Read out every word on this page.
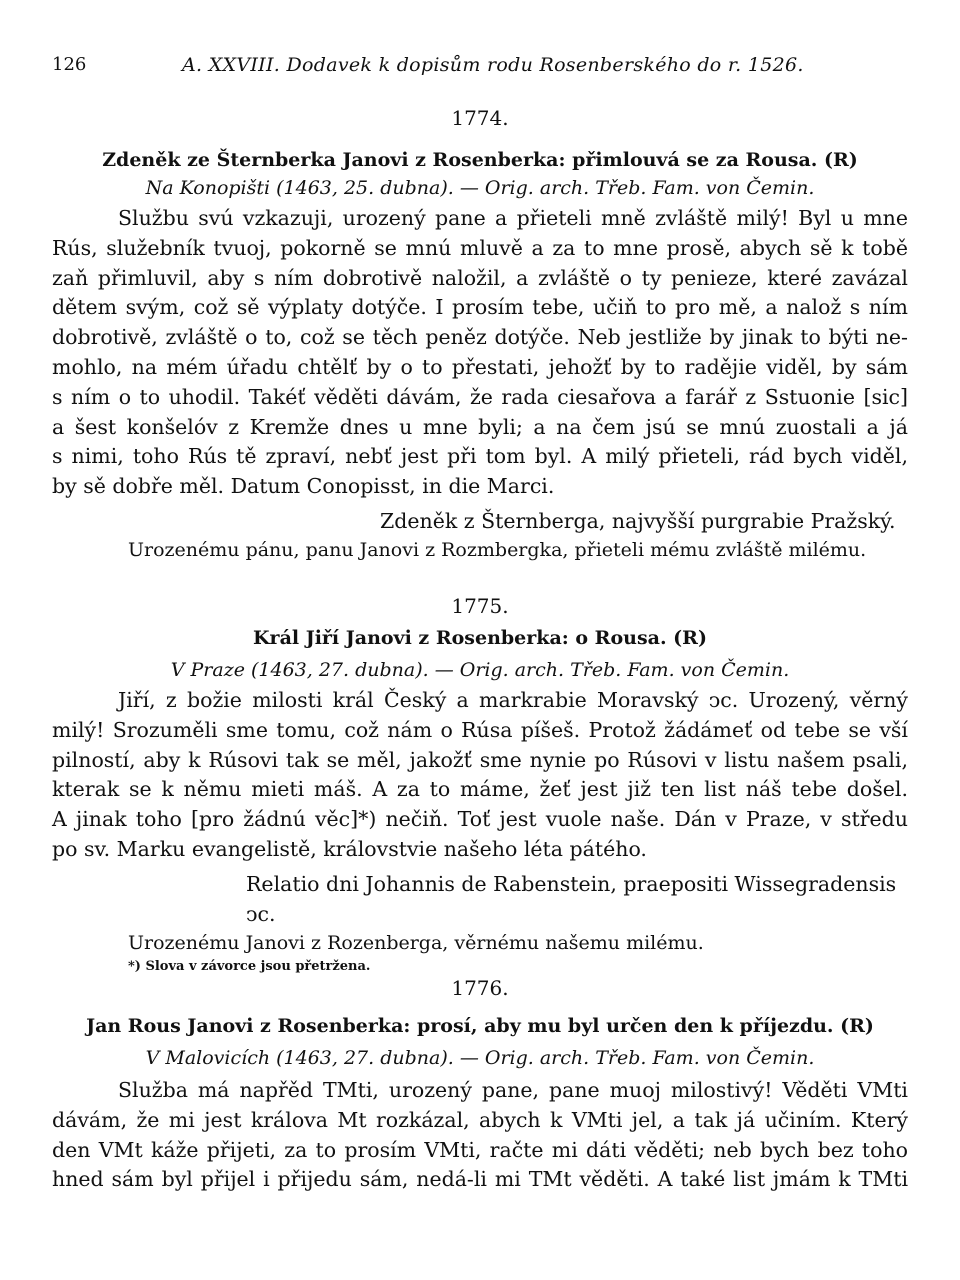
126	A. XXVIII. Dodavek k dopisům rodu Rosenberského do r. 1526.
1774.
Zdeněk ze Šternberka Janovi z Rosenberka: přimlouvá se za Rousa. (R)
Na Konopišti (1463, 25. dubna). — Orig. arch. Třeb. Fam. von Čemin.

Službu svú vzkazuji, urozený pane a přieteli mně zvláště milý! Byl u mne

Rús, služebník tvuoj, pokorně se mnú mluvě a za to mne prosě, abych sě k tobě

zaň přimluvil, aby s ním dobrotivě naložil, a zvláště o ty penieze, které zavázal

dětem svým, což sě výplaty dotýče. I prosím tebe, učiň to pro mě, a nalož s ním

dobrotivě, zvláště o to, což se těch peněz dotýče. Neb jestliže by jinak to býti ne-

mohlo, na mém úřadu chtělť by o to přestati, jehožť by to radějie viděl, by sám

s ním o to uhodil. Takéť věděti dávám, že rada ciesařova a farář z Sstuonie [sic]

a šest konšelóv z Kremže dnes u mne byli; a na čem jsú se mnú zuostali a já

s nimi, toho Rús tě zpraví, nebť jest při tom byl. A milý přieteli, rád bych viděl,

by sě dobře měl. Datum Conopisst, in die Marci.

Zdeněk z Šternberga, najvyšší purgrabie Pražský.
Urozenému pánu, panu Janovi z Rozmbergka, přieteli mému zvláště milému.
1775.
Král Jiří Janovi z Rosenberka: o Rousa. (R)
V Praze (1463, 27. dubna). — Orig. arch. Třeb. Fam. von Čemin.

Jiří, z božie milosti král Český a markrabie Moravský ͻc. Urozený, věrný

milý! Srozuměli sme tomu, což nám o Rúsa píšeš. Protož žádámeť od tebe se vší

pilností, aby k Rúsovi tak se měl, jakožť sme nynie po Rúsovi v listu našem psali,

kterak se k němu mieti máš. A za to máme, žeť jest již ten list náš tebe došel.

A jinak toho [pro žádnú věc]*) nečiň. Toť jest vuole naše. Dán v Praze, v středu

po sv. Marku evangelistě, královstvie našeho léta pátého.

Relatio dni Johannis de Rabenstein, praepositi Wissegradensis ͻc.
Urozenému Janovi z Rozenberga, věrnému našemu milému.
*) Slova v závorce jsou přetržena.
1776.
Jan Rous Janovi z Rosenberka: prosí, aby mu byl určen den k příjezdu. (R)
V Malovicích (1463, 27. dubna). — Orig. arch. Třeb. Fam. von Čemin.

Služba má napřěd TMti, urozený pane, pane muoj milostivý! Věděti VMti

dávám, že mi jest králova Mt rozkázal, abych k VMti jel, a tak já učiním. Který

den VMt káže přijeti, za to prosím VMti, račte mi dáti věděti; neb bych bez toho

hned sám byl přijel i přijedu sám, nedá-li mi TMt věděti. A také list jmám k TMti
